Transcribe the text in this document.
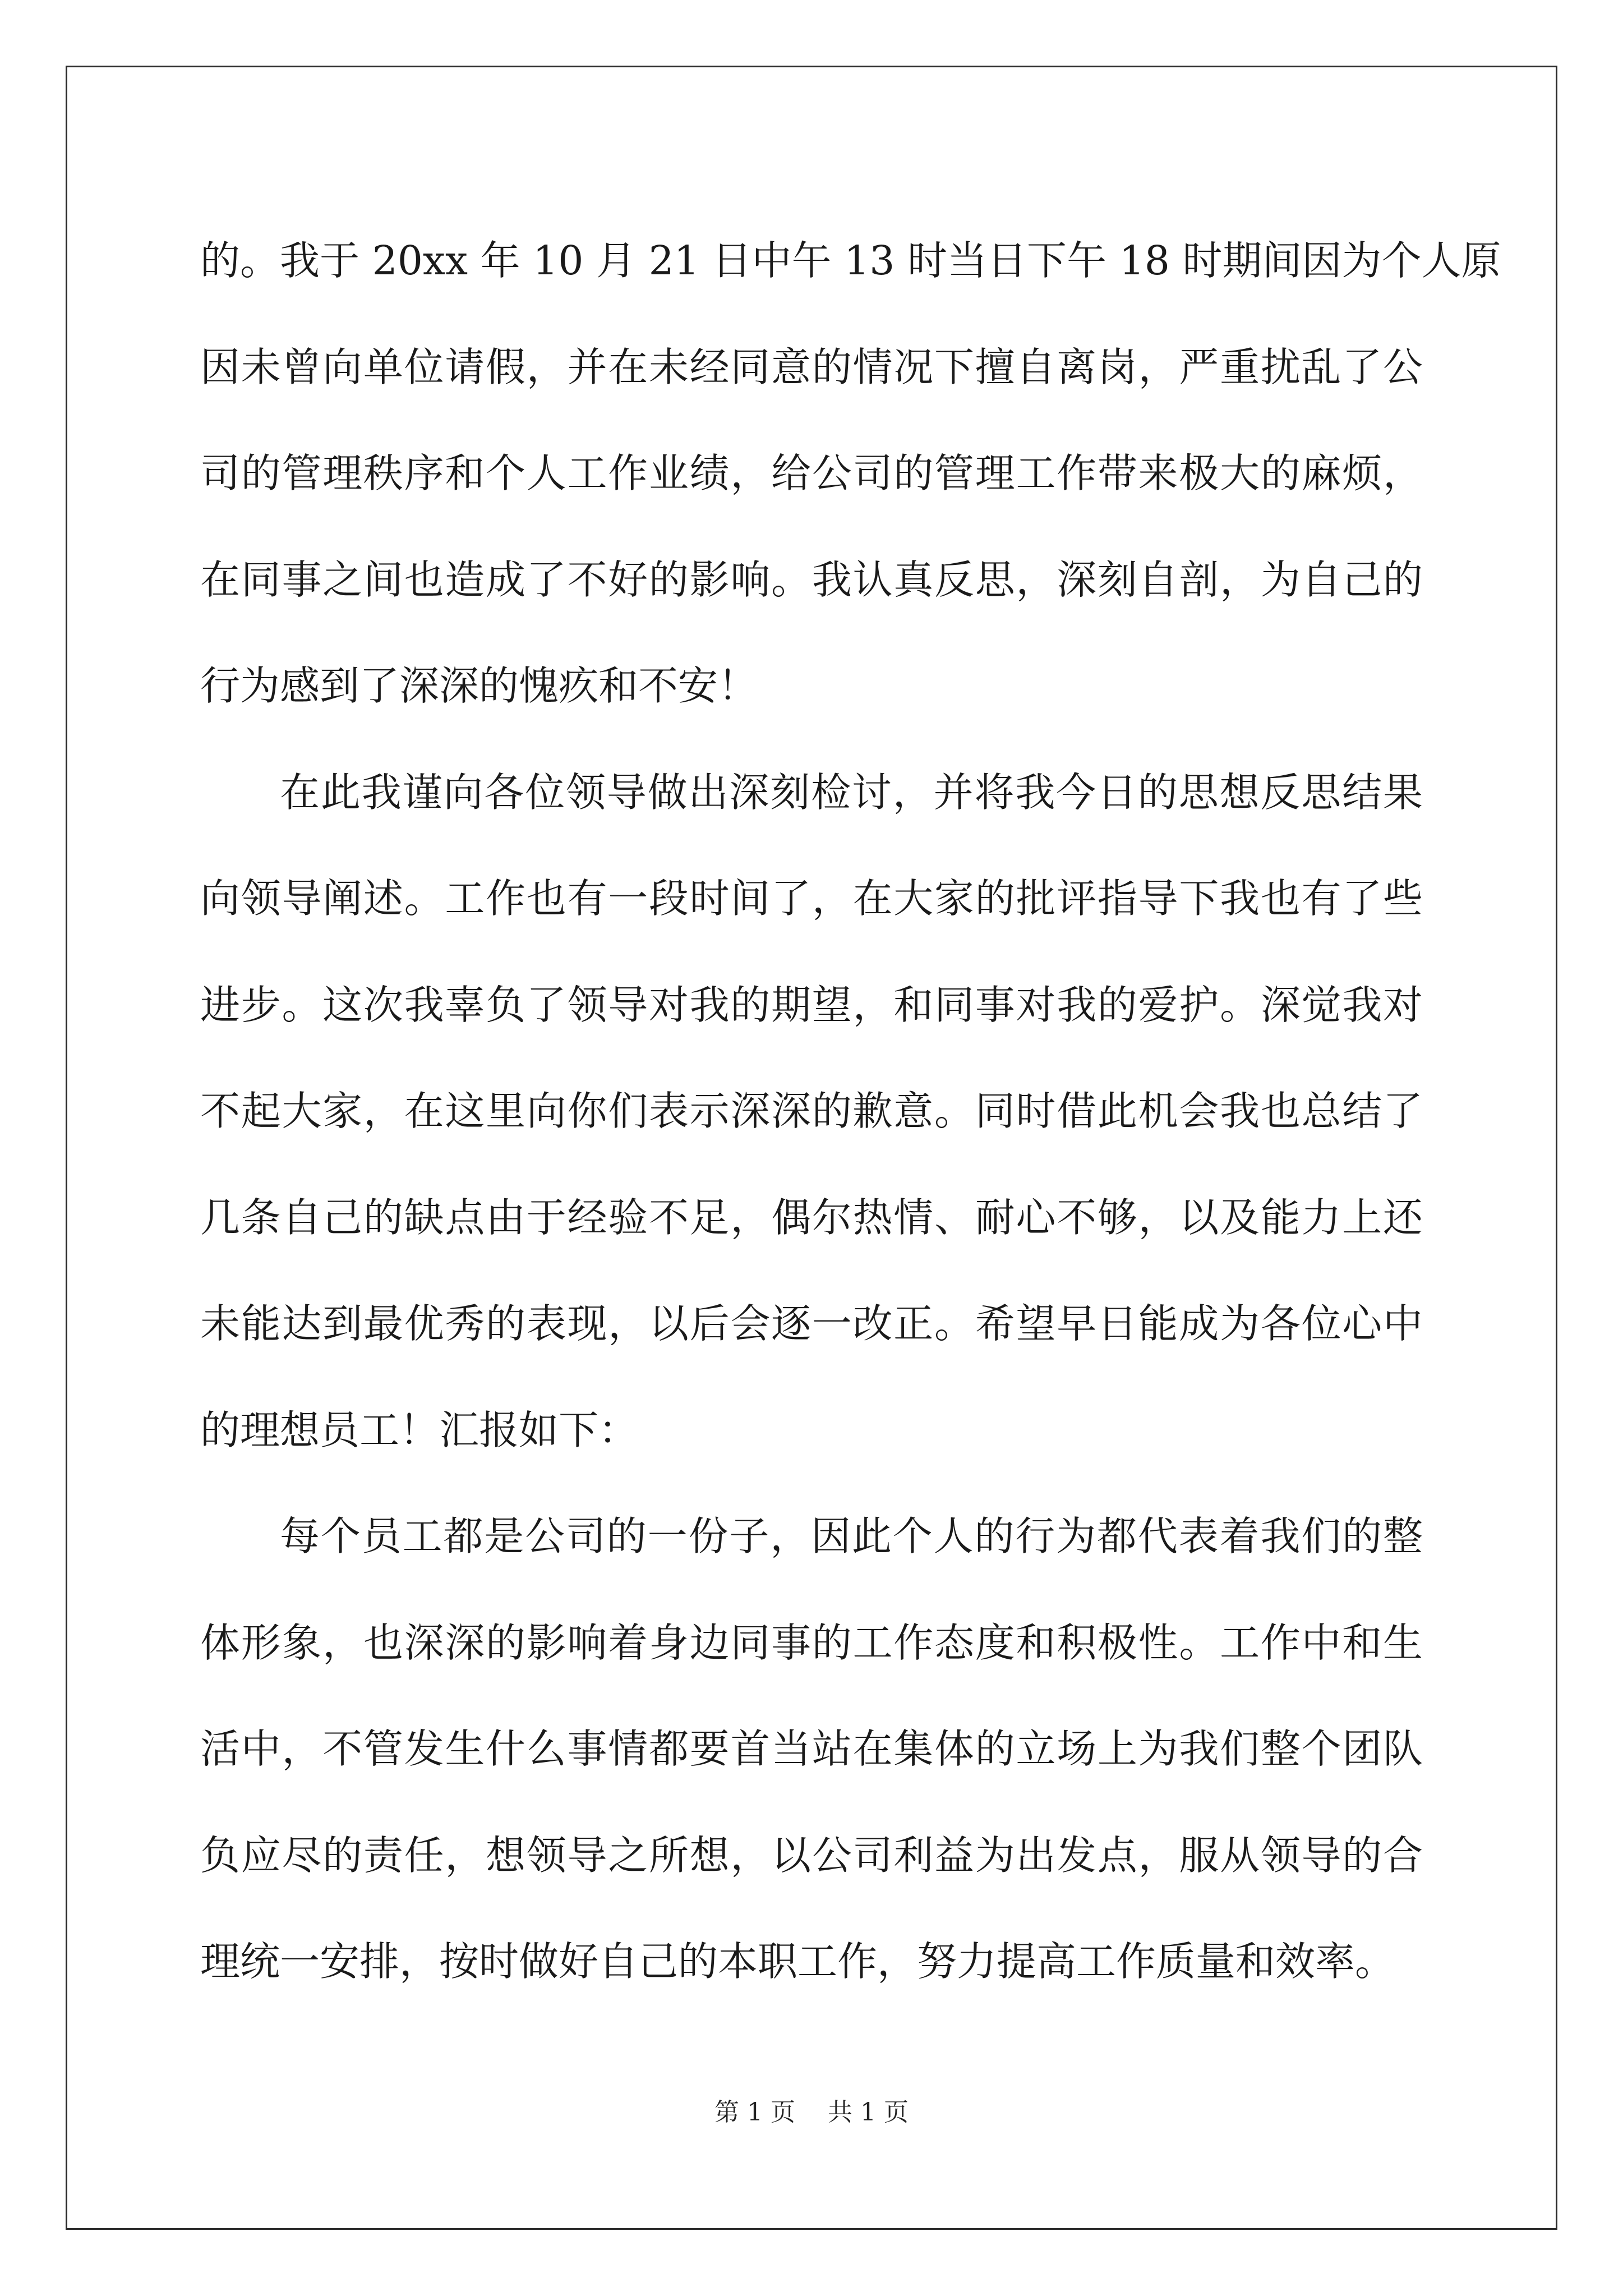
的。我于 20xx 年 10 月 21 日中午 13 时当日下午 18 时期间因为个人原
因未曾向单位请假，并在未经同意的情况下擅自离岗，严重扰乱了公
司的管理秩序和个人工作业绩，给公司的管理工作带来极大的麻烦，
在同事之间也造成了不好的影响。我认真反思，深刻自剖，为自己的
行为感到了深深的愧疚和不安！
在此我谨向各位领导做出深刻检讨，并将我今日的思想反思结果
向领导阐述。工作也有一段时间了，在大家的批评指导下我也有了些
进步。这次我辜负了领导对我的期望，和同事对我的爱护。深觉我对
不起大家，在这里向你们表示深深的歉意。同时借此机会我也总结了
几条自己的缺点由于经验不足，偶尔热情、耐心不够，以及能力上还
未能达到最优秀的表现，以后会逐一改正。希望早日能成为各位心中
的理想员工！汇报如下：
每个员工都是公司的一份子，因此个人的行为都代表着我们的整
体形象，也深深的影响着身边同事的工作态度和积极性。工作中和生
活中，不管发生什么事情都要首当站在集体的立场上为我们整个团队
负应尽的责任，想领导之所想，以公司利益为出发点，服从领导的合
理统一安排，按时做好自己的本职工作，努力提高工作质量和效率。
第 1 页 共 1 页
